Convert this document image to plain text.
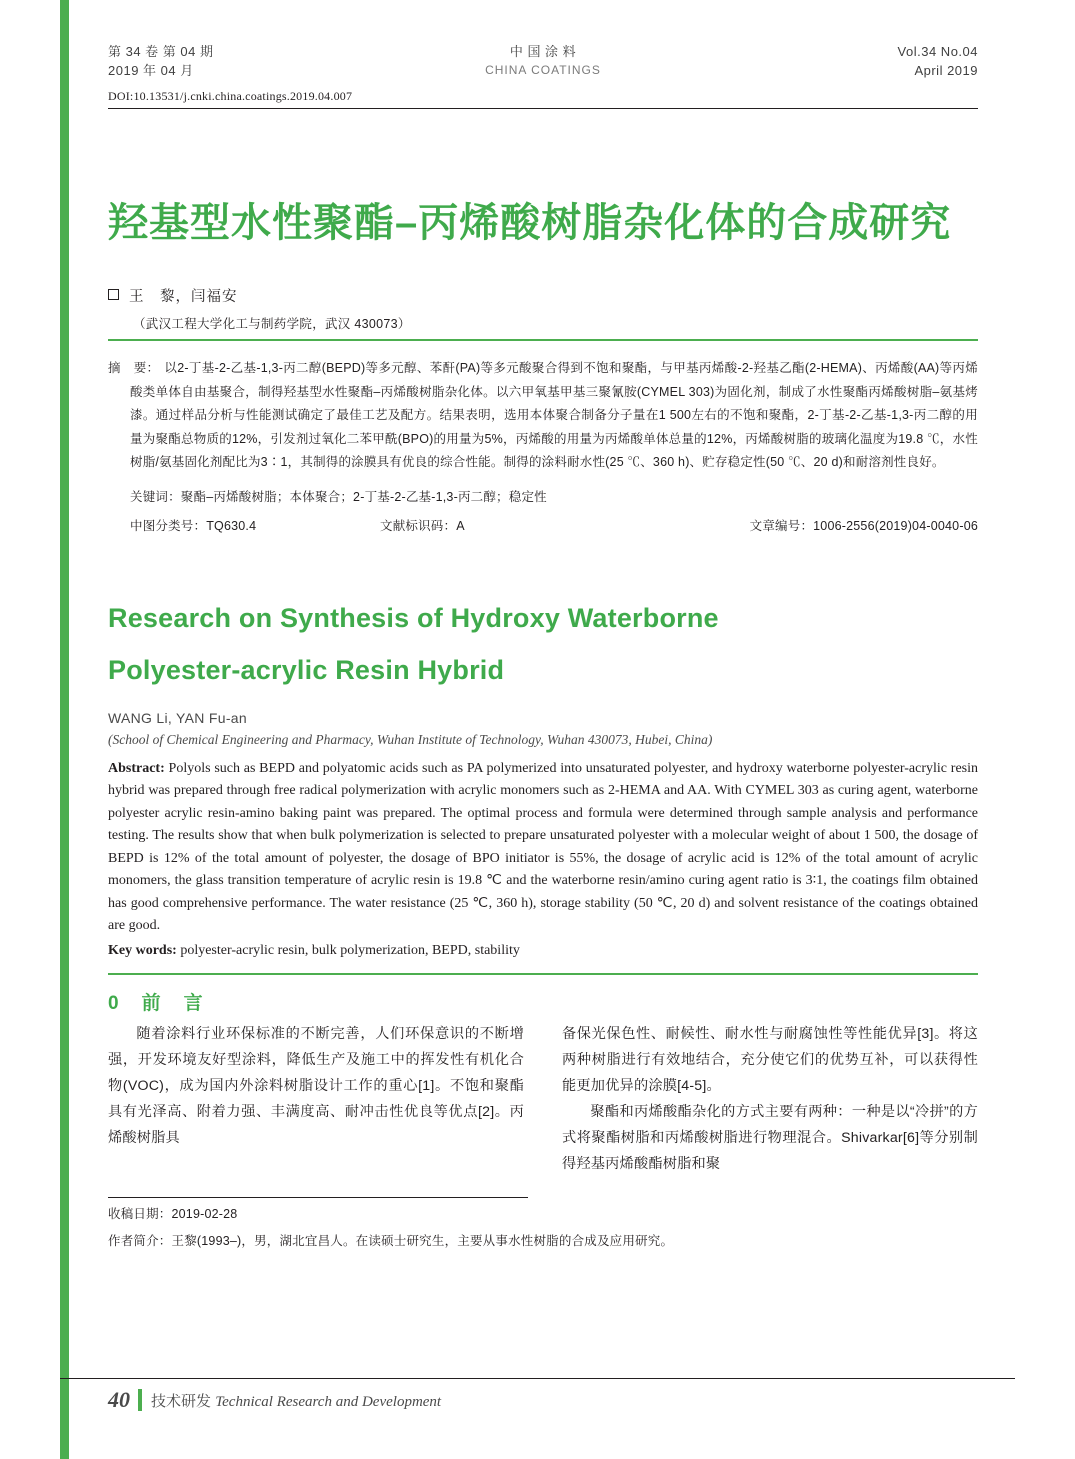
第 34 卷 第 04 期
2019 年 04 月
中 国 涂 料
CHINA COATINGS
Vol.34 No.04
April 2019
DOI:10.13531/j.cnki.china.coatings.2019.04.007
羟基型水性聚酯–丙烯酸树脂杂化体的合成研究
王　黎，闫福安
（武汉工程大学化工与制药学院，武汉 430073）
摘　要： 以2-丁基-2-乙基-1,3-丙二醇(BEPD)等多元醇、苯酐(PA)等多元酸聚合得到不饱和聚酯，与甲基丙烯酸-2-羟基乙酯(2-HEMA)、丙烯酸(AA)等丙烯酸类单体自由基聚合，制得羟基型水性聚酯–丙烯酸树脂杂化体。以六甲氧基甲基三聚氰胺(CYMEL 303)为固化剂，制成了水性聚酯丙烯酸树脂–氨基烤漆。通过样品分析与性能测试确定了最佳工艺及配方。结果表明，选用本体聚合制备分子量在1 500左右的不饱和聚酯，2-丁基-2-乙基-1,3-丙二醇的用量为聚酯总物质的12%，引发剂过氧化二苯甲酰(BPO)的用量为5%，丙烯酸的用量为丙烯酸单体总量的12%，丙烯酸树脂的玻璃化温度为19.8 ℃，水性树脂/氨基固化剂配比为3∶1，其制得的涂膜具有优良的综合性能。制得的涂料耐水性(25 ℃、360 h)、贮存稳定性(50 ℃、20 d)和耐溶剂性良好。
关键词：聚酯–丙烯酸树脂；本体聚合；2-丁基-2-乙基-1,3-丙二醇；稳定性
中图分类号：TQ630.4	文献标识码：A	文章编号：1006-2556(2019)04-0040-06
Research on Synthesis of Hydroxy Waterborne
Polyester-acrylic Resin Hybrid
WANG Li, YAN Fu-an
(School of Chemical Engineering and Pharmacy, Wuhan Institute of Technology, Wuhan 430073, Hubei, China)
Abstract: Polyols such as BEPD and polyatomic acids such as PA polymerized into unsaturated polyester, and hydroxy waterborne polyester-acrylic resin hybrid was prepared through free radical polymerization with acrylic monomers such as 2-HEMA and AA. With CYMEL 303 as curing agent, waterborne polyester acrylic resin-amino baking paint was prepared. The optimal process and formula were determined through sample analysis and performance testing. The results show that when bulk polymerization is selected to prepare unsaturated polyester with a molecular weight of about 1 500, the dosage of BEPD is 12% of the total amount of polyester, the dosage of BPO initiator is 55%, the dosage of acrylic acid is 12% of the total amount of acrylic monomers, the glass transition temperature of acrylic resin is 19.8 ℃ and the waterborne resin/amino curing agent ratio is 3∶1, the coatings film obtained has good comprehensive performance. The water resistance (25 ℃, 360 h), storage stability (50 ℃, 20 d) and solvent resistance of the coatings obtained are good.
Key words: polyester-acrylic resin, bulk polymerization, BEPD, stability
0　前　言

随着涂料行业环保标准的不断完善，人们环保意识的不断增强，开发环境友好型涂料，降低生产及施工中的挥发性有机化合物(VOC)，成为国内外涂料树脂设计工作的重心[1]。不饱和聚酯具有光泽高、附着力强、丰满度高、耐冲击性优良等优点[2]。丙烯酸树脂具

备保光保色性、耐候性、耐水性与耐腐蚀性等性能优异[3]。将这两种树脂进行有效地结合，充分使它们的优势互补，可以获得性能更加优异的涂膜[4-5]。

聚酯和丙烯酸酯杂化的方式主要有两种：一种是以“冷拼”的方式将聚酯树脂和丙烯酸树脂进行物理混合。Shivarkar[6]等分别制得羟基丙烯酸酯树脂和聚

收稿日期：2019-02-28
作者简介：王黎(1993–)，男，湖北宜昌人。在读硕士研究生，主要从事水性树脂的合成及应用研究。
40 技术研发 Technical Research and Development
